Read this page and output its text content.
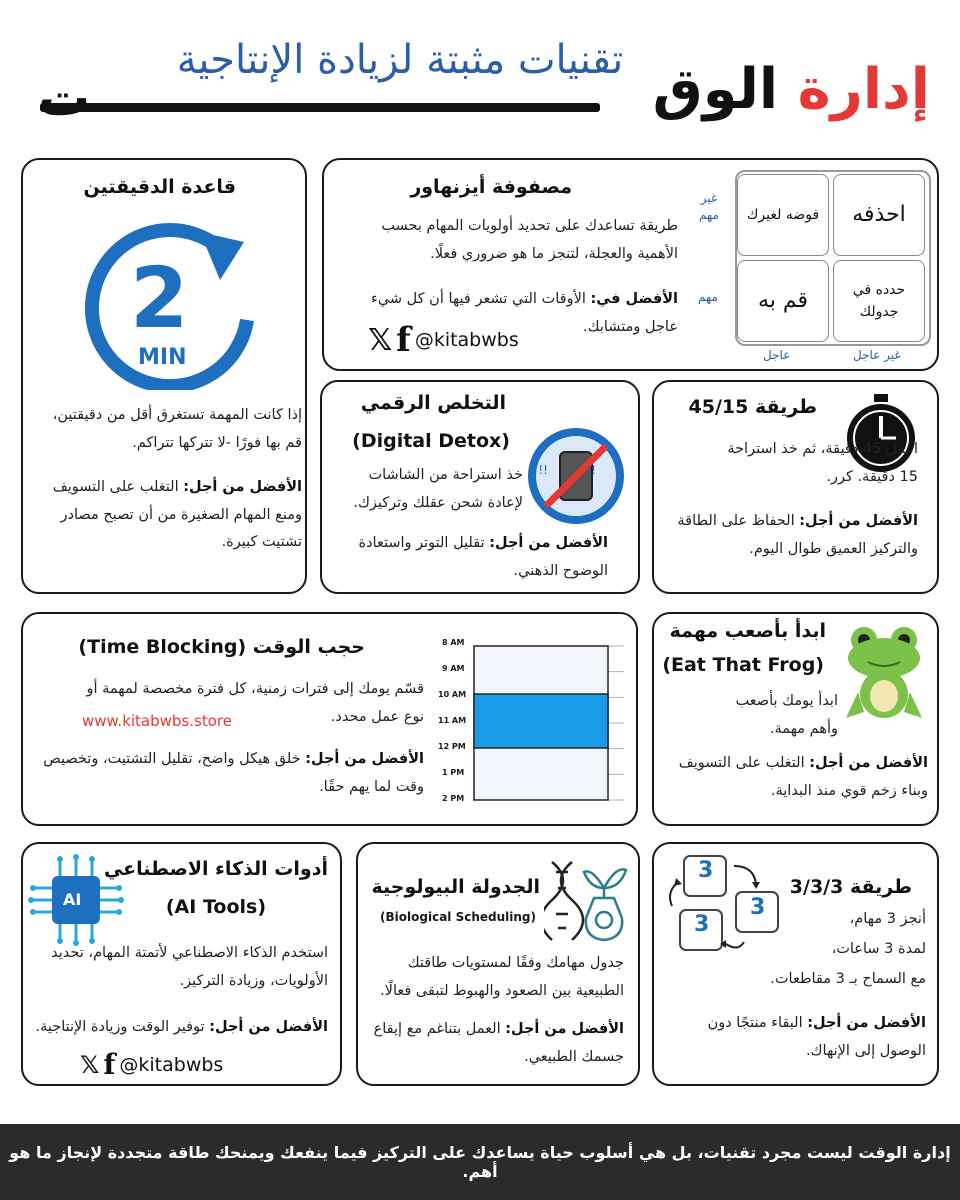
تقنيات مثبتة لزيادة الإنتاجية	إدارة الوق
ت
مصفوفة أيزنهاور
طريقة تساعدك على تحديد أولويات المهام بحسب الأهمية والعجلة، لتنجز ما هو ضروري فعلًا.
الأفضل في: الأوقات التي تشعر فيها أن كل شيء عاجل ومتشابك.
𝕏 f @kitabwbs
غير مهم
مهم
عاجل	غير عاجل
فوضه لغيرك	احذفه
قم به	حدده في جدولك
قاعدة الدقيقتين
2
MIN
إذا كانت المهمة تستغرق أقل من دقيقتين، قم بها فورًا -لا تتركها تتراكم.
الأفضل من أجل: التغلب على التسويف ومنع المهام الصغيرة من أن تصبح مصادر تشتيت كبيرة.
التخلص الرقمي
(Digital Detox)
!!	!!
خذ استراحة من الشاشات لإعادة شحن عقلك وتركيزك.
الأفضل من أجل: تقليل التوتر واستعادة الوضوح الذهني.
طريقة 45/15
اعمل 45 دقيقة، ثم خذ استراحة 15 دقيقة. كرر.
الأفضل من أجل: الحفاظ على الطاقة والتركيز العميق طوال اليوم.
حجب الوقت (Time Blocking)
قسّم يومك إلى فترات زمنية، كل فترة مخصصة لمهمة أو نوع عمل محدد.
www.kitabwbs.store
الأفضل من أجل: خلق هيكل واضح، تقليل التشتيت، وتخصيص وقت لما يهم حقًا.
8 AM
9 AM
10 AM
11 AM
12 PM
1 PM
2 PM
ابدأ بأصعب مهمة
(Eat That Frog)
ابدأ يومك بأصعب وأهم مهمة.
الأفضل من أجل: التغلب على التسويف وبناء زخم قوي منذ البداية.
أدوات الذكاء الاصطناعي
(AI Tools)
AI
استخدم الذكاء الاصطناعي لأتمتة المهام، تحديد الأولويات، وزيادة التركيز.
الأفضل من أجل: توفير الوقت وزيادة الإنتاجية.
𝕏 f @kitabwbs
الجدولة البيولوجية
(Biological Scheduling)
جدول مهامك وفقًا لمستويات طاقتك الطبيعية بين الصعود والهبوط لتبقى فعالًا.
الأفضل من أجل: العمل بتناغم مع إيقاع جسمك الطبيعي.
طريقة 3/3/3
3
3
3	أنجز 3 مهام،
لمدة 3 ساعات،
مع السماح بـ 3 مقاطعات.
الأفضل من أجل: البقاء منتجًا دون الوصول إلى الإنهاك.
إدارة الوقت ليست مجرد تقنيات، بل هي أسلوب حياة يساعدك على التركيز فيما ينفعك ويمنحك طاقة متجددة لإنجاز ما هو أهم.
